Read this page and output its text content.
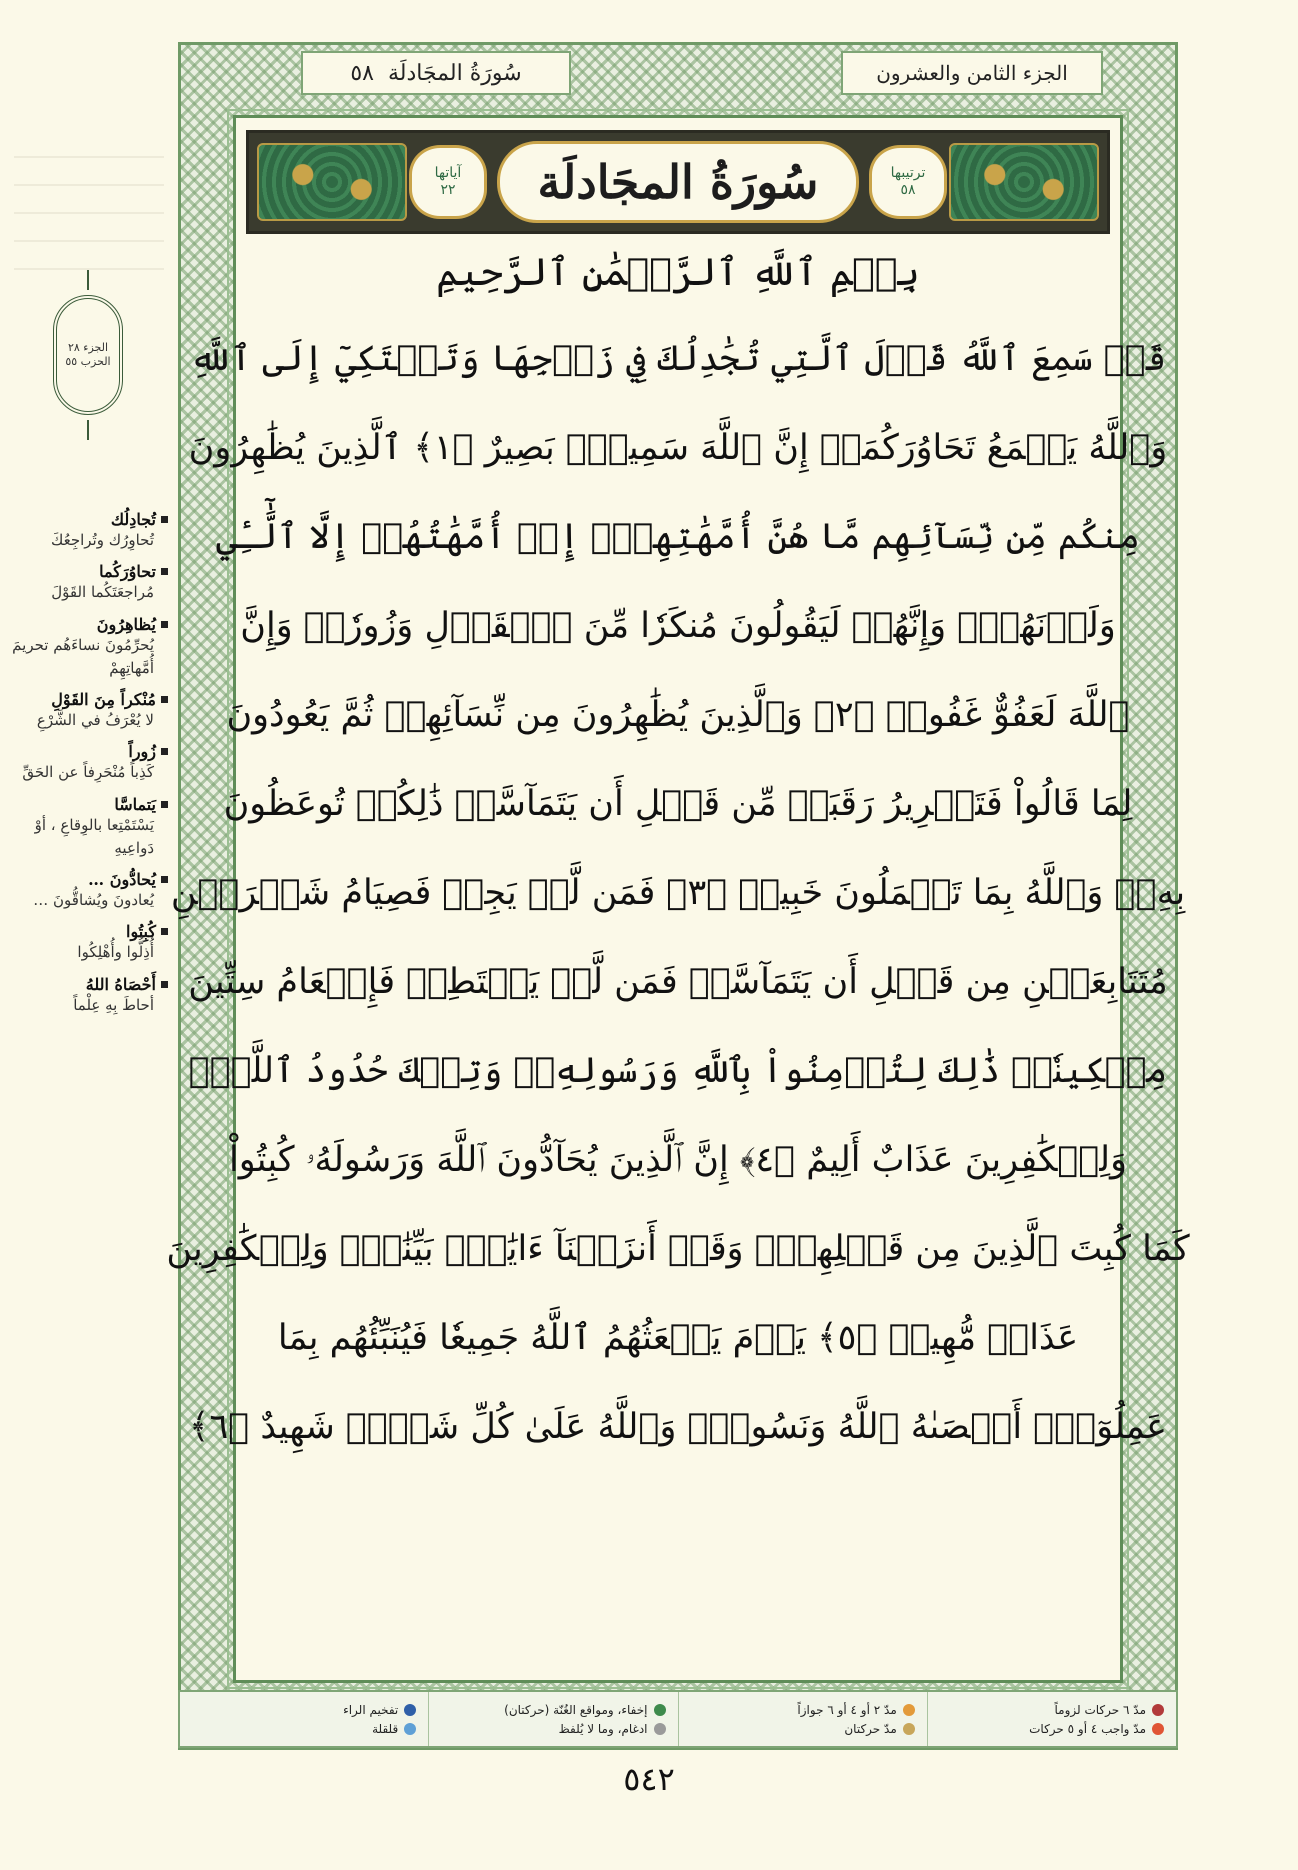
الجزء ٢٨
الحزب ٥٥
تُجادِلُك
تُحاوِرُك وتُراجِعُكَ
تحاوُرَكُما
مُراجعَتَكُما القَوْلَ
يُظاهِرُونَ
يُحرِّمُونَ نساءَهُم تحريمَ أُمَّهاتِهِمْ
مُنْكراً مِنَ القَوْلِ
لا يُعْرَفُ في الشَّرْعِ
زُوراً
كَذِباً مُنْحَرِفاً عن الحَقِّ
يَتماسَّا
يَسْتَمْتِعا بالوِقاعِ ، أوْ دَواعِيهِ
يُحادُّونَ …
يُعادونَ ويُشاقُّونَ …
كُبِتُوا
أُذِلُّوا وأُهْلِكُوا
أَحْصَاهُ اللهُ
أحاطَ بِهِ عِلْماً
٥٨ سُورَةُ المجَادلَة	الجزء الثامن والعشرون
آياتها
٢٢	سُورَةُ المجَادلَة	ترتيبها
٥٨
بِسۡمِ ٱللَّهِ ٱلرَّحۡمَٰنِ ٱلرَّحِيمِ
قَدۡ سَمِعَ ٱللَّهُ قَوۡلَ ٱلَّتِي تُجَٰدِلُكَ فِي زَوۡجِهَا وَتَشۡتَكِيٓ إِلَى ٱللَّهِ
وَٱللَّهُ يَسۡمَعُ تَحَاوُرَكُمَآۚ إِنَّ ٱللَّهَ سَمِيعُۢ بَصِيرٌ ﴿١﴾ ٱلَّذِينَ يُظَٰهِرُونَ
مِنكُم مِّن نِّسَآئِهِم مَّا هُنَّ أُمَّهَٰتِهِمۡۖ إِنۡ أُمَّهَٰتُهُمۡ إِلَّا ٱلَّٰٓـِٔي
وَلَدۡنَهُمۡۚ وَإِنَّهُمۡ لَيَقُولُونَ مُنكَرٗا مِّنَ ٱلۡقَوۡلِ وَزُورٗاۚ وَإِنَّ
ٱللَّهَ لَعَفُوٌّ غَفُورٞ ﴿٢﴾ وَٱلَّذِينَ يُظَٰهِرُونَ مِن نِّسَآئِهِمۡ ثُمَّ يَعُودُونَ
لِمَا قَالُواْ فَتَحۡرِيرُ رَقَبَةٖ مِّن قَبۡلِ أَن يَتَمَآسَّاۚ ذَٰلِكُمۡ تُوعَظُونَ
بِهِۦۚ وَٱللَّهُ بِمَا تَعۡمَلُونَ خَبِيرٞ ﴿٣﴾ فَمَن لَّمۡ يَجِدۡ فَصِيَامُ شَهۡرَيۡنِ
مُتَتَابِعَيۡنِ مِن قَبۡلِ أَن يَتَمَآسَّاۖ فَمَن لَّمۡ يَسۡتَطِعۡ فَإِطۡعَامُ سِتِّينَ
مِسۡكِينٗاۚ ذَٰلِكَ لِتُؤۡمِنُواْ بِٱللَّهِ وَرَسُولِهِۦۚ وَتِلۡكَ حُدُودُ ٱللَّهِۗ
وَلِلۡكَٰفِرِينَ عَذَابٌ أَلِيمٌ ﴿٤﴾ إِنَّ ٱلَّذِينَ يُحَآدُّونَ ٱللَّهَ وَرَسُولَهُۥ كُبِتُواْ
كَمَا كُبِتَ ٱلَّذِينَ مِن قَبۡلِهِمۡۚ وَقَدۡ أَنزَلۡنَآ ءَايَٰتِۢ بَيِّنَٰتٖۚ وَلِلۡكَٰفِرِينَ
عَذَابٞ مُّهِينٞ ﴿٥﴾ يَوۡمَ يَبۡعَثُهُمُ ٱللَّهُ جَمِيعٗا فَيُنَبِّئُهُم بِمَا
عَمِلُوٓاْۚ أَحۡصَىٰهُ ٱللَّهُ وَنَسُوهُۚ وَٱللَّهُ عَلَىٰ كُلِّ شَيۡءٖ شَهِيدٌ ﴿٦﴾
مدّ ٦ حركات لزوماً
مدّ واجب ٤ أو ٥ حركات
مدّ ٢ أو ٤ أو ٦ جوازاً
مدّ حركتان
إخفاء، ومواقع الغُنّة (حركتان)
ادغام، وما لا يُلفظ
تفخيم الراء
قلقلة
٥٤٢
